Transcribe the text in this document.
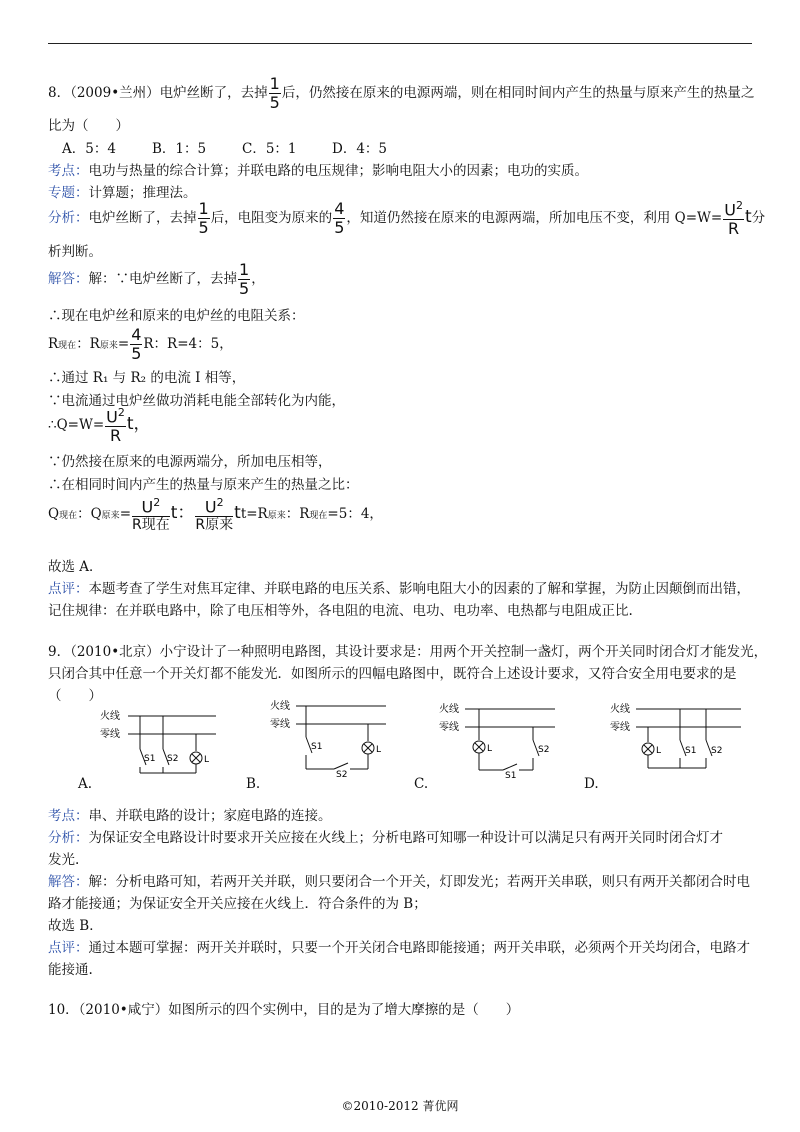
8．（2009•兰州）电炉丝断了，去掉 $\frac{1}{5}$ 后，仍然接在原来的电源两端，则在相同时间内产生的热量与原来产生的热量之
比为（　　）
A．5：4	B．1：5	C．5：1	D．4：5
考点：电功与热量的综合计算；并联电路的电压规律；影响电阻大小的因素；电功的实质。
专题：计算题；推理法。
分析：电炉丝断了，去掉 $\frac{1}{5}$ 后，电阻变为原来的 $\frac{4}{5}$ ，知道仍然接在原来的电源两端，所加电压不变，利用 $Q=W= \frac{U^2}{R}$ t分
析判断。
解答：解：∵电炉丝断了，去掉 $\frac{1}{5}$ ，
∴现在电炉丝和原来的电炉丝的电阻关系：
R现在：R原来= $\frac{4}{5}$ R：R=4：5，
∴通过 R₁ 与 R₂ 的电流 I 相等，
∵电流通过电炉丝做功消耗电能全部转化为内能，
∴Q=W= $\frac{U^2}{R}$ t，
∵仍然接在原来的电源两端分，所加电压相等，
∴在相同时间内产生的热量与原来产生的热量之比：
Q现在：Q原来= $\frac{U^2}{\text{R现在}}$ t： $\frac{U^2}{\text{R原来}} tt=R$原来：R现在=5：4，
故选 A．
点评：本题考查了学生对焦耳定律、并联电路的电压关系、影响电阻大小的因素的了解和掌握，为防止因颠倒而出错，
记住规律：在并联电路中，除了电压相等外，各电阻的电流、电功、电功率、电热都与电阻成正比.
9．（2010•北京）小宁设计了一种照明电路图，其设计要求是：用两个开关控制一盏灯，两个开关同时闭合灯才能发光，
只闭合其中任意一个开关灯都不能发光．如图所示的四幅电路图中，既符合上述设计要求，又符合安全用电要求的是
（　　）
火线
零线
S1 S2	L
A.
火线
零线
S1
S2
L
B.
火线
零线
L
S1
S2
C.
火线
零线
L	S1 S2
D.
考点：串、并联电路的设计；家庭电路的连接。
分析：为保证安全电路设计时要求开关应接在火线上；分析电路可知哪一种设计可以满足只有两开关同时闭合灯才
发光.
解答：解：分析电路可知，若两开关并联，则只要闭合一个开关，灯即发光；若两开关串联，则只有两开关都闭合时电
路才能接通；为保证安全开关应接在火线上．符合条件的为 B；
故选 B．
点评：通过本题可掌握：两开关并联时，只要一个开关闭合电路即能接通；两开关串联，必须两个开关均闭合，电路才
能接通.
10．（2010•咸宁）如图所示的四个实例中，目的是为了增大摩擦的是（　　）
©2010-2012 菁优网
